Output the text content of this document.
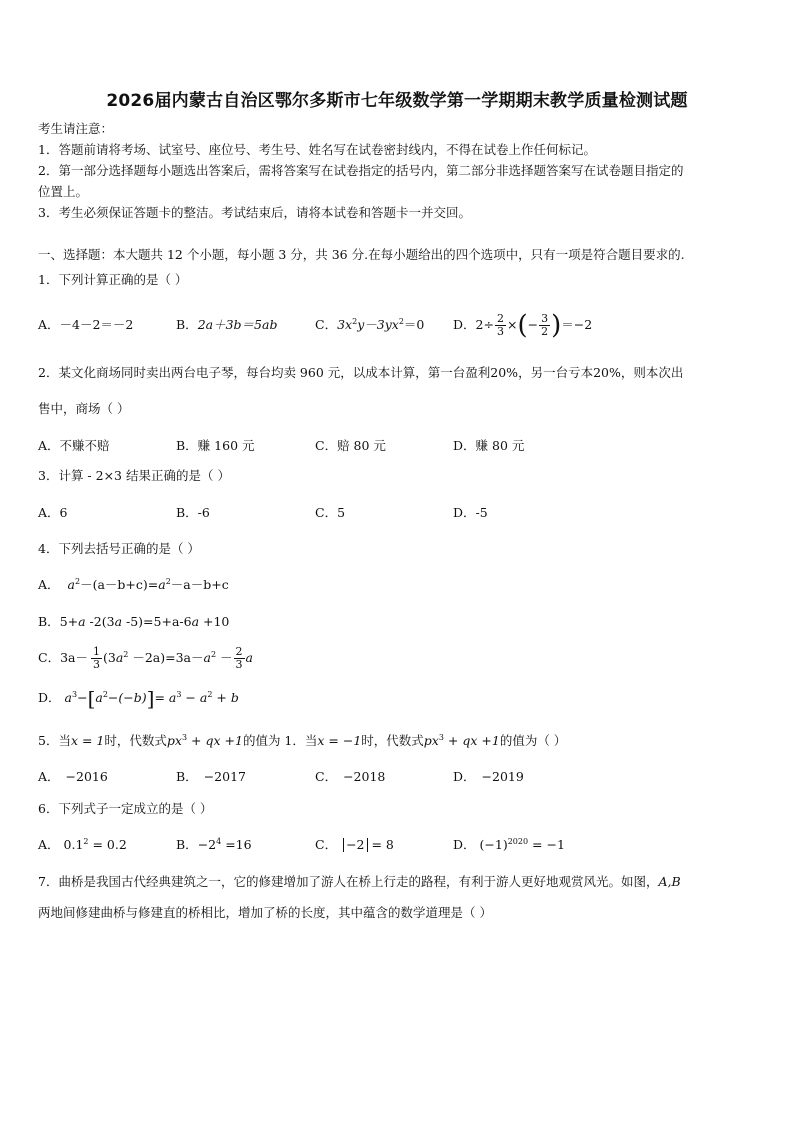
2026届内蒙古自治区鄂尔多斯市七年级数学第一学期期末教学质量检测试题
考生请注意：
1．答题前请将考场、试室号、座位号、考生号、姓名写在试卷密封线内，不得在试卷上作任何标记。
2．第一部分选择题每小题选出答案后，需将答案写在试卷指定的括号内，第二部分非选择题答案写在试卷题目指定的
位置上。
3．考生必须保证答题卡的整洁。考试结束后，请将本试卷和答题卡一并交回。
一、选择题：本大题共 12 个小题，每小题 3 分，共 36 分.在每小题给出的四个选项中，只有一项是符合题目要求的.
1．下列计算正确的是（ ）
A．－4－2＝－2	B．2a＋3b＝5ab	C．$3x^2y-3yx^2=0$ D．$2\div \frac{2}{3}$ ×(− $\frac{3}{2} )=-2$
2．某文化商场同时卖出两台电子琴，每台均卖 960 元，以成本计算，第一台盈利20%，另一台亏本20%，则本次出
售中，商场（ ）
A．不赚不赔	B．赚 160 元	C．赔 80 元	D．赚 80 元
3．计算 - 2×3 结果正确的是（ ）
A．6	B．-6	C．5	D．-5
4．下列去括号正确的是（ ）
A． $a^2-(a-b+c)=a^2-a-b+c$
B．5+a -2(3a -5)=5+a-6a +10
C．$3a- \frac{1}{3} (3a^2 -2a)=3a-a^2 - \frac{2}{3}$ a
D． $a^3-[a^2-(-b)]= a^3 - a^2 + b$
5．当x = 1时，代数式$px^3$ + qx +1的值为 1．当x = −1时，代数式$px^3$ + qx +1的值为（ ）
A． −2016	B． −2017	C． −2018	D． −2019
6．下列式子一定成立的是（ ）
A． $0.1^2 = 0.2$	B．$-2^4 =16$	C． −2 = 8	D． $(-1)^{2020} = -1$
7．曲桥是我国古代经典建筑之一，它的修建增加了游人在桥上行走的路程，有利于游人更好地观赏风光。如图，A,B
两地间修建曲桥与修建直的桥相比，增加了桥的长度，其中蕴含的数学道理是（ ）
